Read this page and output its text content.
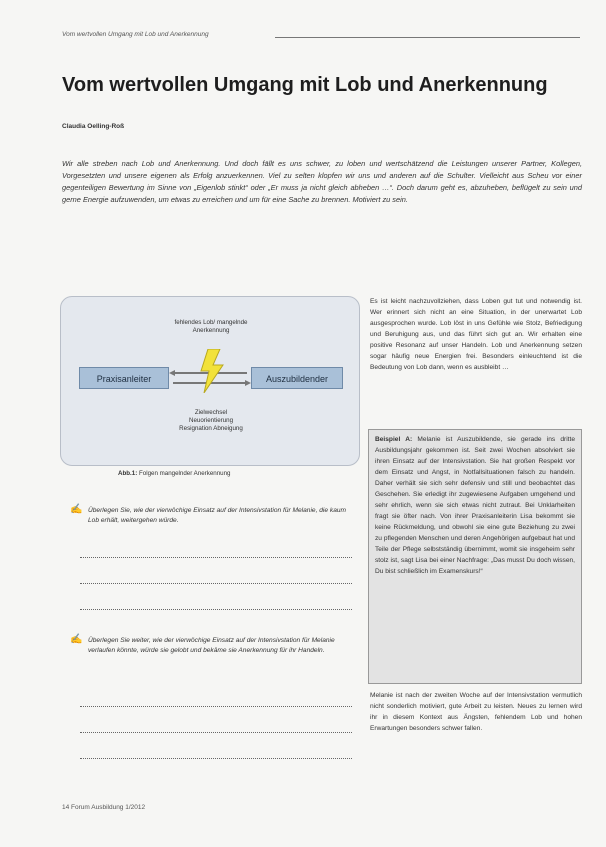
Vom wertvollen Umgang mit Lob und Anerkennung
Vom wertvollen Umgang mit Lob und Anerkennung
Claudia Oelling-Roß

Wir alle streben nach Lob und Anerkennung. Und doch fällt es uns schwer, zu loben und wertschätzend die Leistungen unserer Partner, Kollegen, Vorgesetzten und unsere eigenen als Erfolg anzuerkennen. Viel zu selten klopfen wir uns und anderen auf die Schulter. Vielleicht aus Scheu vor einer gegenteiligen Bewertung im Sinne von „Eigenlob stinkt“ oder „Er muss ja nicht gleich abheben …“. Doch darum geht es, abzuheben, beflügelt zu sein und gerne Energie aufzuwenden, um etwas zu erreichen und um für eine Sache zu brennen. Motiviert zu sein.

fehlendes Lob/ mangelnde Anerkennung
Praxisanleiter	Auszubildender
Zielwechsel Neuorientierung Resignation Abneigung
Abb.1: Folgen mangelnder Anerkennung
✍ Überlegen Sie, wie der vierwöchige Einsatz auf der Intensivstation für Melanie, die kaum Lob erhält, weitergehen würde.

✍ Überlegen Sie weiter, wie der vierwöchige Einsatz auf der Intensivstation für Melanie verlaufen könnte, würde sie gelobt und bekäme sie Anerkennung für ihr Handeln.

Es ist leicht nachzuvollziehen, dass Loben gut tut und notwendig ist. Wer erinnert sich nicht an eine Situation, in der unerwartet Lob ausgesprochen wurde. Lob löst in uns Gefühle wie Stolz, Befriedigung und Beruhigung aus, und das führt sich gut an. Wir erhalten eine positive Resonanz auf unser Handeln. Lob und Anerkennung setzen sogar häufig neue Energien frei. Besonders einleuchtend ist die Bedeutung von Lob dann, wenn es ausbleibt …

Beispiel A: Melanie ist Auszubildende, sie gerade ins dritte Ausbildungsjahr gekommen ist. Seit zwei Wochen absolviert sie ihren Einsatz auf der Intensivstation. Sie hat großen Respekt vor dem Einsatz und Angst, in Notfallsituationen falsch zu handeln. Daher verhält sie sich sehr defensiv und still und beobachtet das Geschehen. Sie erledigt ihr zugewiesene Aufgaben umgehend und sehr ehrlich, wenn sie sich etwas nicht zutraut. Bei Unklarheiten fragt sie öfter nach. Von ihrer Praxisanleiterin Lisa bekommt sie keine Rückmeldung, und obwohl sie eine gute Beziehung zu zwei zu pflegenden Menschen und deren Angehörigen aufgebaut hat und Teile der Pflege selbstständig übernimmt, womit sie insgeheim sehr stolz ist, sagt Lisa bei einer Nachfrage: „Das musst Du doch wissen, Du bist schließlich im Examenskurs!“

Melanie ist nach der zweiten Woche auf der Intensivstation vermutlich nicht sonderlich motiviert, gute Arbeit zu leisten. Neues zu lernen wird ihr in diesem Kontext aus Ängsten, fehlendem Lob und hohen Erwartungen besonders schwer fallen.

14 Forum Ausbildung 1/2012
